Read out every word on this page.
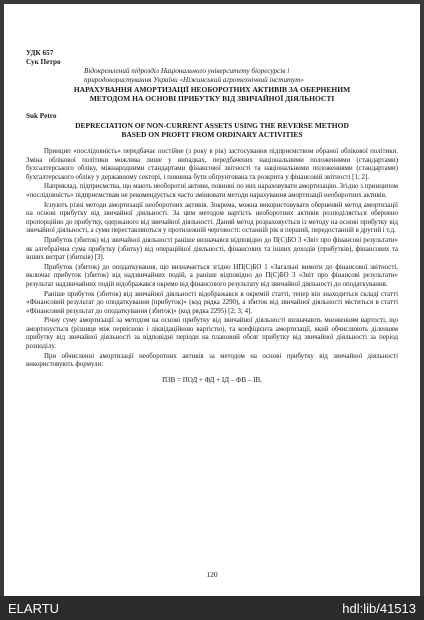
УДК 657

Сук Петро

Відокремлений підрозділ Національного університету біоресурсів і

природокористування України «Ніжинський агротехнічний інститут»

НАРАХУВАННЯ АМОРТИЗАЦІЇ НЕОБОРОТНИХ АКТИВІВ ЗА ОБЕРНЕНИМ

МЕТОДОМ НА ОСНОВІ ПРИБУТКУ ВІД ЗВИЧАЙНОЇ ДІЯЛЬНОСТІ

Suk Petro

DEPRECIATION OF NON-CURRENT ASSETS USING THE REVERSE METHOD

BASED ON PROFIT FROM ORDINARY ACTIVITIES

Принцип «послідовність» передбачає постійне (з року в рік) застосування підприємством обраної облікової політики. Зміна облікової політики можлива лише у випадках, передбачених національними положеннями (стандартами) бухгалтерського обліку, міжнародними стандартами фінансової звітності та національними положеннями (стандартами) бухгалтерського обліку у державному секторі, і повинна бути обґрунтована та розкрита у фінансовій звітності [1; 2].

Наприклад, підприємства, що мають необоротні активи, повинні по них нараховувати амортизацію. Згідно з принципом «послідовність» підприємствам не рекомендується часто змінювати методи нарахування амортизації необоротних активів.

Існують різні методи амортизації необоротних активів. Зокрема, можна використовувати обернений метод амортизації на основі прибутку від звичайної діяльності. За цим методом вартість необоротних активів розподіляється обернено пропорційно до прибутку, одержаного від звичайної діяльності. Даний метод розраховується із методу на основі прибутку від звичайної діяльності, а суми переставляються у протилежній черговості: останній рік в перший, передостанній в другий і т.д.

Прибуток (збиток) від звичайної діяльності раніше визначався відповідно до П(С)БО 3 «Звіт про фінансові результати» як алгебраїчна сума прибутку (збитку) від операційної діяльності, фінансових та інших доходів (прибутків), фінансових та інших витрат (збитків) [3].

Прибуток (збиток) до оподаткування, що визначається згідно НП(С)БО 1 «Загальні вимоги до фінансової звітності, включає прибуток (збиток) від надзвичайних подій, а раніше відповідно до П(С)БО 3 «Звіт про фінансові результати» результат надзвичайних подій відображався окремо від фінансового результату від звичайної діяльності до оподаткування.

Раніше прибуток (збиток) від звичайної діяльності відображався в окремій статті, тепер він знаходиться складі статті «Фінансовий результат до оподаткування (прибуток)» (код рядка 2290), а збиток від звичайної діяльності міститься в статті «Фінансовий результат до оподаткування (збиток)» (код рядка 2295) [2; 3; 4].

Річну суму амортизації за методом на основі прибутку від звичайної діяльності визначають множенням вартості, що амортизується (різниця між первісною і ліквідаційною вартістю), та коефіцієнта амортизації, який обчислюють діленням прибутку від звичайної діяльності за відповідні періоди на плановий обсяг прибутку від звичайної діяльності за період розподілу.

При обчисленні амортизації необоротних активів за методом на основі прибутку від звичайної діяльності використовують формули:

ПЗВ = ПОД + ФД + ІД – ФВ – ІВ,

120
ELARTU	hdl:lib/41513
